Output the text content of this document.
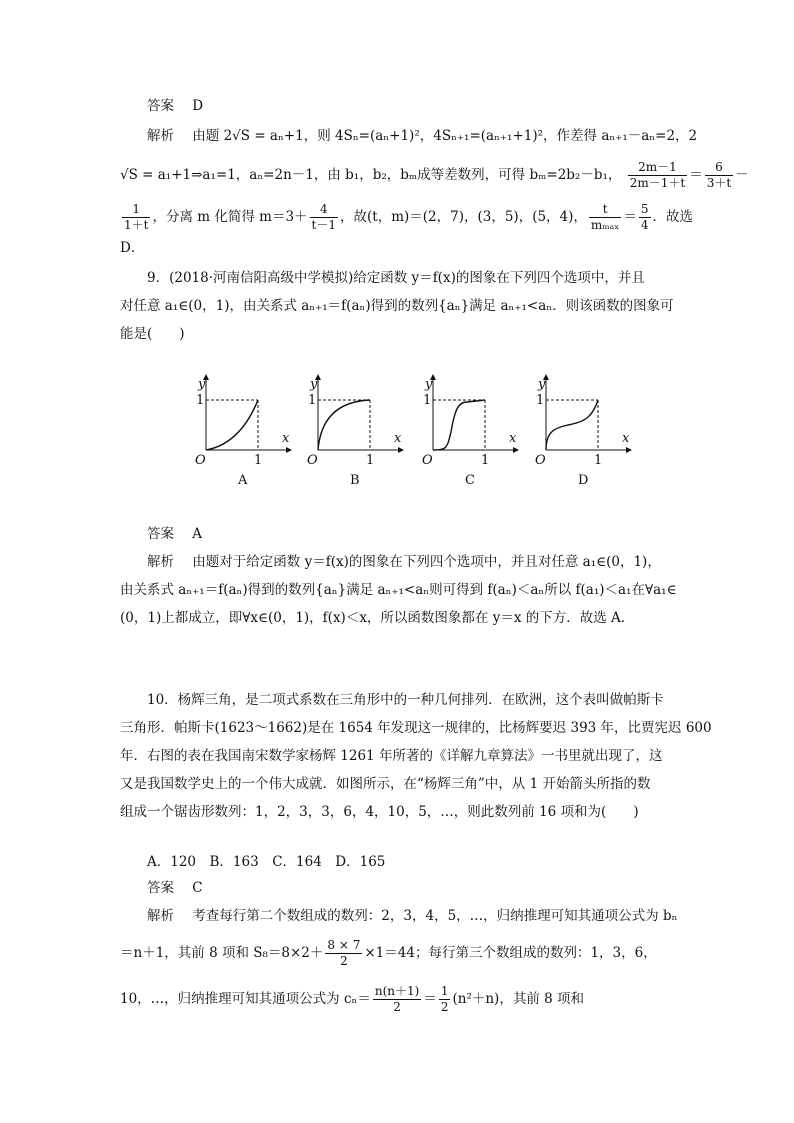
答案 D
解析 由题 2√S = aₙ+1，则 4Sₙ=(aₙ+1)²，4Sₙ₊₁=(aₙ₊₁+1)²，作差得 aₙ₊₁－aₙ=2，2
√S = a₁+1⇒a₁=1，aₙ=2n－1，由 b₁，b₂，bₘ成等差数列，可得 bₘ=2b₂－b₁， $\frac{2m-1}{2m-1+t} = \frac{6}{3+t}$ －
$\frac{1}{1+t}$ ，分离 m 化简得 $m=3+ \frac{4}{t-1}$ ，故(t，m)＝(2，7)，(3，5)，(5，4)， $\frac{t}{\text{mₘₐₓ}} = \frac{5}{4}$ ．故选
D．
9．(2018·河南信阳高级中学模拟)给定函数 y＝f(x)的图象在下列四个选项中，并且
对任意 a₁∈(0，1)，由关系式 aₙ₊₁＝f(aₙ)得到的数列{aₙ}满足 aₙ₊₁<aₙ．则该函数的图象可
能是(　　)
y
x
O	1
1
A
y
x
O	1
1
B
y
x
O	1
1
C
y
x
O	1
1
D
答案 A
解析 由题对于给定函数 y＝f(x)的图象在下列四个选项中，并且对任意 a₁∈(0，1)，
由关系式 aₙ₊₁＝f(aₙ)得到的数列{aₙ}满足 aₙ₊₁<aₙ则可得到 f(aₙ)＜aₙ所以 f(a₁)＜a₁在∀a₁∈
(0，1)上都成立，即∀x∈(0，1)，f(x)＜x，所以函数图象都在 y＝x 的下方．故选 A．
10．杨辉三角，是二项式系数在三角形中的一种几何排列．在欧洲，这个表叫做帕斯卡
三角形．帕斯卡(1623～1662)是在 1654 年发现这一规律的，比杨辉要迟 393 年，比贾宪迟 600
年．右图的表在我国南宋数学家杨辉 1261 年所著的《详解九章算法》一书里就出现了，这
又是我国数学史上的一个伟大成就．如图所示，在“杨辉三角”中，从 1 开始箭头所指的数
组成一个锯齿形数列：1，2，3，3，6，4，10，5，…，则此数列前 16 项和为(　　)
A．120　B．163　C．164　D．165
答案 C
解析 考查每行第二个数组成的数列：2，3，4，5，…，归纳推理可知其通项公式为 bₙ
＝n＋1，其前 8 项和 $S_8=8\times 2+ \frac{8 \times 7}{2} \times 1=44$；每行第三个数组成的数列：1，3，6，
10，…，归纳推理可知其通项公式为 $c_n= \frac{n(n+1)}{2} = \frac{1}{2} (n^2+n)$，其前 8 项和
